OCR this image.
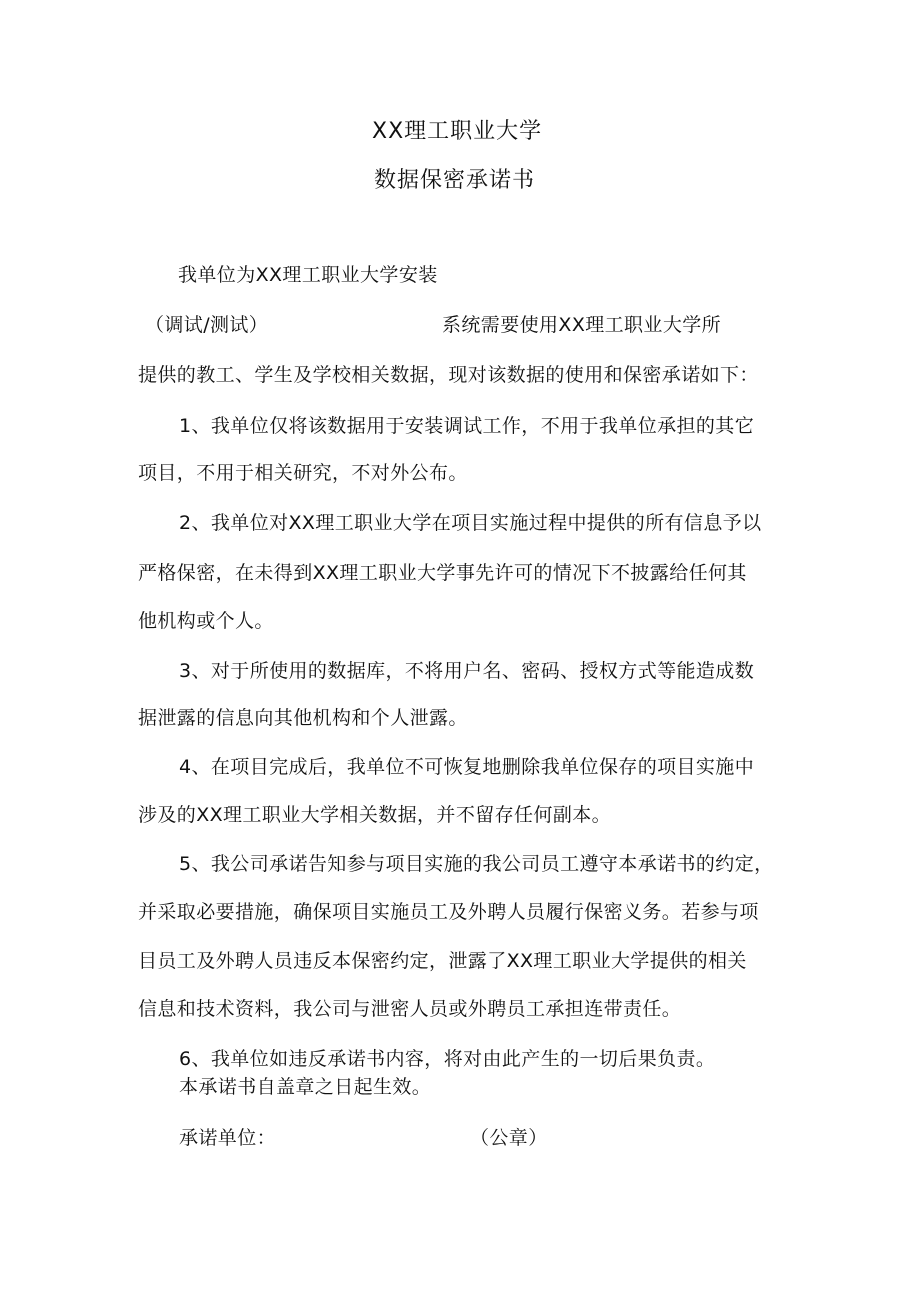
XX理工职业大学
数据保密承诺书
我单位为XX理工职业大学安装
（调试/测试）	系统需要使用XX理工职业大学所
提供的教工、学生及学校相关数据，现对该数据的使用和保密承诺如下：
1、我单位仅将该数据用于安装调试工作，不用于我单位承担的其它
项目，不用于相关研究，不对外公布。
2、我单位对XX理工职业大学在项目实施过程中提供的所有信息予以
严格保密，在未得到XX理工职业大学事先许可的情况下不披露给任何其
他机构或个人。
3、对于所使用的数据库，不将用户名、密码、授权方式等能造成数
据泄露的信息向其他机构和个人泄露。
4、在项目完成后，我单位不可恢复地删除我单位保存的项目实施中
涉及的XX理工职业大学相关数据，并不留存任何副本。
5、我公司承诺告知参与项目实施的我公司员工遵守本承诺书的约定，
并采取必要措施，确保项目实施员工及外聘人员履行保密义务。若参与项
目员工及外聘人员违反本保密约定，泄露了XX理工职业大学提供的相关
信息和技术资料，我公司与泄密人员或外聘员工承担连带责任。
6、我单位如违反承诺书内容，将对由此产生的一切后果负责。
本承诺书自盖章之日起生效。
承诺单位：	（公章）
